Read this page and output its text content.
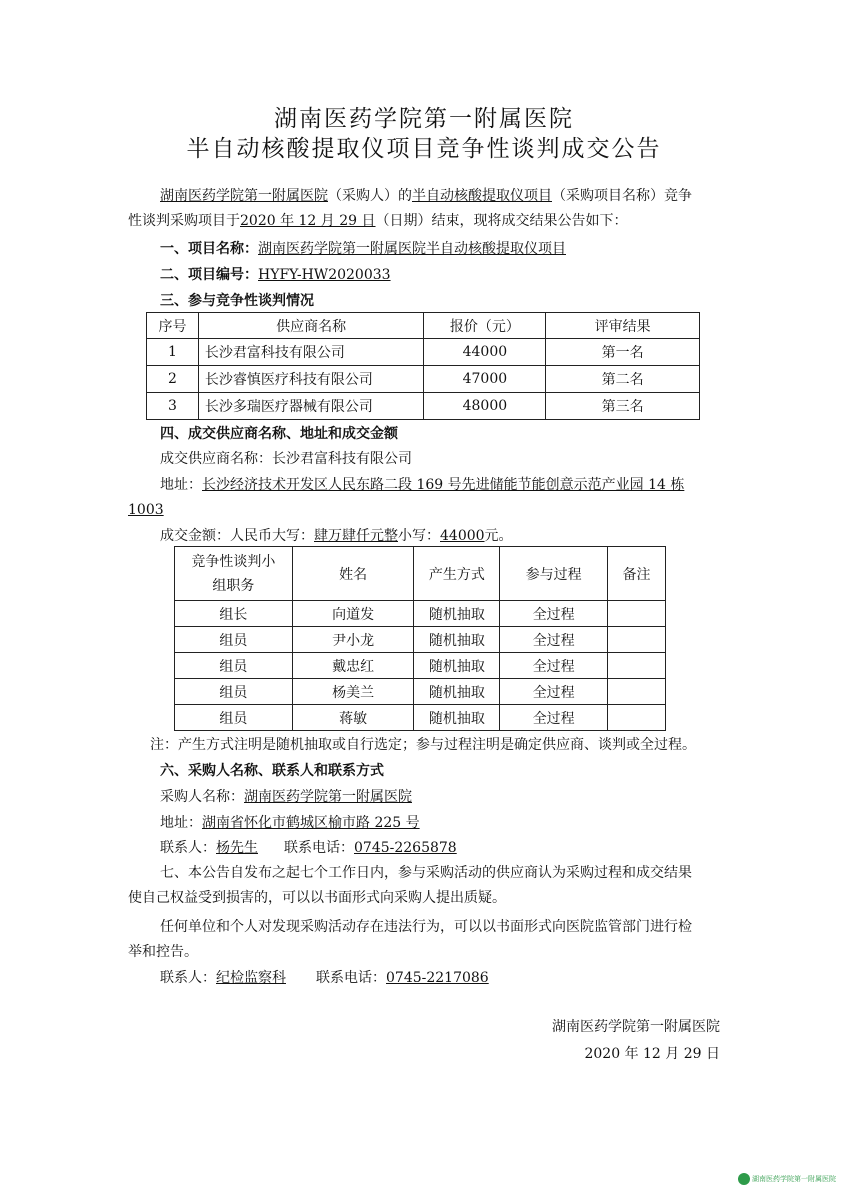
湖南医药学院第一附属医院
半自动核酸提取仪项目竞争性谈判成交公告
湖南医药学院第一附属医院（采购人）的半自动核酸提取仪项目（采购项目名称）竞争
性谈判采购项目于2020 年 12 月 29 日（日期）结束，现将成交结果公告如下：
一、项目名称：湖南医药学院第一附属医院半自动核酸提取仪项目
二、项目编号：HYFY-HW2020033
三、参与竞争性谈判情况
序号	供应商名称	报价（元）	评审结果
1	长沙君富科技有限公司	44000	第一名
2	长沙睿慎医疗科技有限公司	47000	第二名
3	长沙多瑞医疗器械有限公司	48000	第三名
四、成交供应商名称、地址和成交金额
成交供应商名称：长沙君富科技有限公司
地址：长沙经济技术开发区人民东路二段 169 号先进储能节能创意示范产业园 14 栋
1003
成交金额：人民币大写：肆万肆仟元整小写：44000元。
竞争性谈判小
组职务	姓名	产生方式	参与过程	备注
组长	向道发	随机抽取	全过程	
组员	尹小龙	随机抽取	全过程	
组员	戴忠红	随机抽取	全过程	
组员	杨美兰	随机抽取	全过程	
组员	蒋敏	随机抽取	全过程	
注：产生方式注明是随机抽取或自行选定；参与过程注明是确定供应商、谈判或全过程。
六、采购人名称、联系人和联系方式
采购人名称：湖南医药学院第一附属医院
地址：湖南省怀化市鹤城区榆市路 225 号
联系人：杨先生 联系电话：0745-2265878
七、本公告自发布之起七个工作日内，参与采购活动的供应商认为采购过程和成交结果
使自己权益受到损害的，可以以书面形式向采购人提出质疑。
任何单位和个人对发现采购活动存在违法行为，可以以书面形式向医院监管部门进行检
举和控告。
联系人：纪检监察科 联系电话：0745-2217086
湖南医药学院第一附属医院
2020 年 12 月 29 日
湖南医药学院第一附属医院
